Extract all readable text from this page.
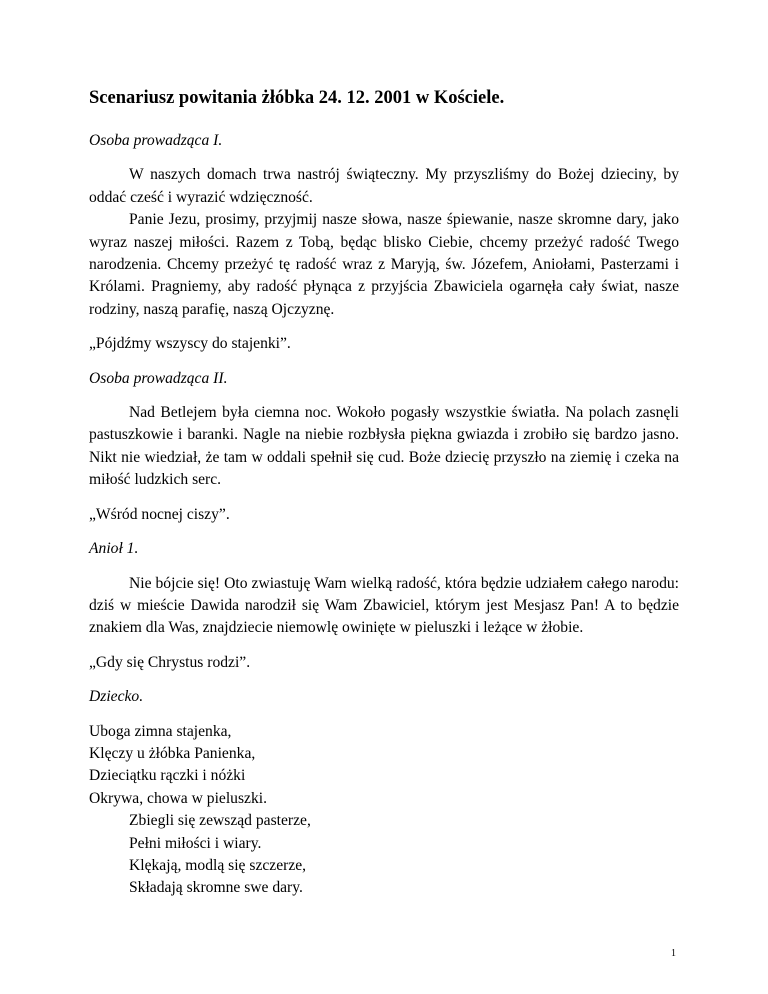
Scenariusz powitania żłóbka 24. 12. 2001 w Kościele.
Osoba prowadząca I.

W naszych domach trwa nastrój świąteczny. My przyszliśmy do Bożej dzieciny, by oddać cześć i wyrazić wdzięczność.

Panie Jezu, prosimy, przyjmij nasze słowa, nasze śpiewanie, nasze skromne dary, jako wyraz naszej miłości. Razem z Tobą, będąc blisko Ciebie, chcemy przeżyć radość Twego narodzenia. Chcemy przeżyć tę radość wraz z Maryją, św. Józefem, Aniołami, Pasterzami i Królami. Pragniemy, aby radość płynąca z przyjścia Zbawiciela ogarnęła cały świat, nasze rodziny, naszą parafię, naszą Ojczyznę.

„Pójdźmy wszyscy do stajenki”.
Osoba prowadząca II.

Nad Betlejem była ciemna noc. Wokoło pogasły wszystkie światła. Na polach zasnęli pastuszkowie i baranki. Nagle na niebie rozbłysła piękna gwiazda i zrobiło się bardzo jasno. Nikt nie wiedział, że tam w oddali spełnił się cud. Boże dziecię przyszło na ziemię i czeka na miłość ludzkich serc.

„Wśród nocnej ciszy”.
Anioł 1.

Nie bójcie się! Oto zwiastuję Wam wielką radość, która będzie udziałem całego narodu: dziś w mieście Dawida narodził się Wam Zbawiciel, którym jest Mesjasz Pan! A to będzie znakiem dla Was, znajdziecie niemowlę owinięte w pieluszki i leżące w żłobie.

„Gdy się Chrystus rodzi”.
Dziecko.

Uboga zimna stajenka,

Klęczy u żłóbka Panienka,

Dzieciątku rączki i nóżki

Okrywa, chowa w pieluszki.

Zbiegli się zewsząd pasterze,

Pełni miłości i wiary.

Klękają, modlą się szczerze,

Składają skromne swe dary.

1
